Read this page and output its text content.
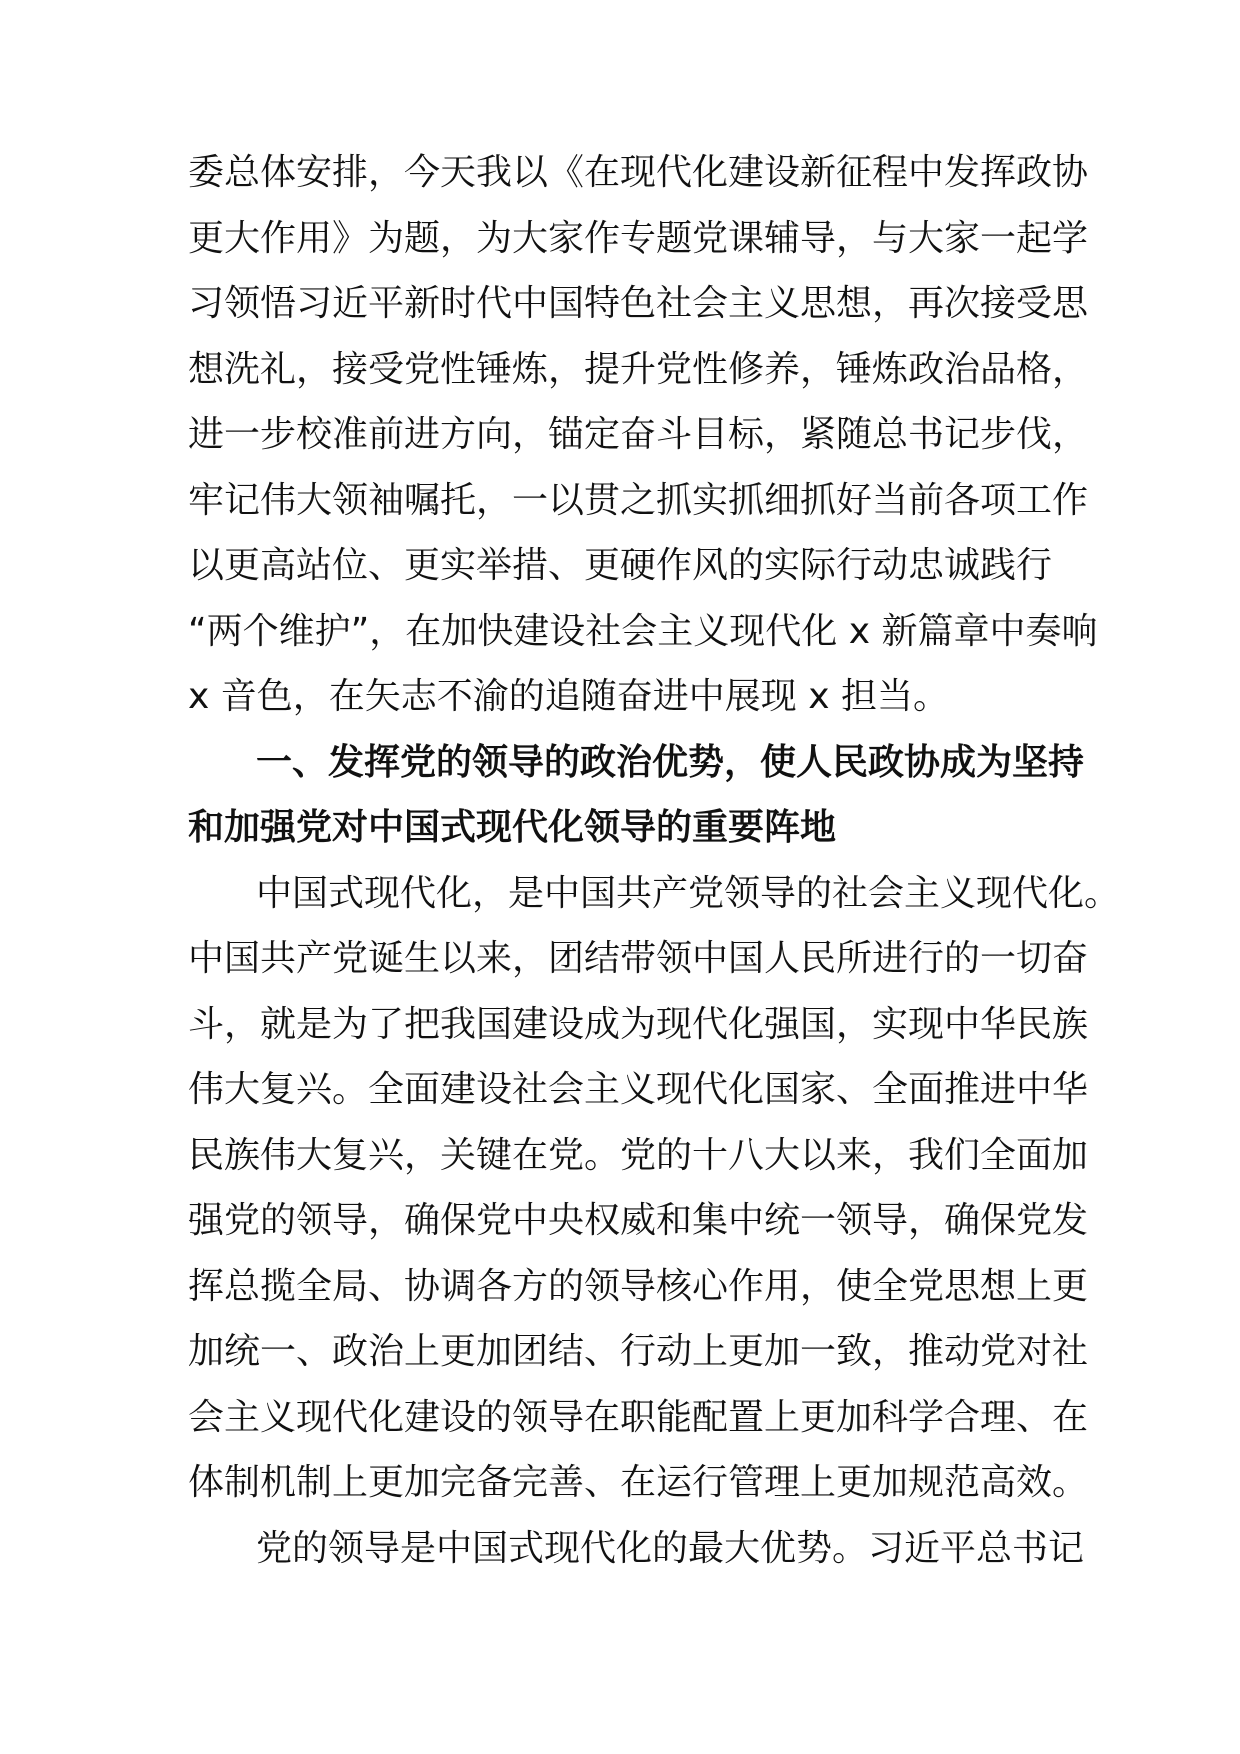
委总体安排，今天我以《在现代化建设新征程中发挥政协
更大作用》为题，为大家作专题党课辅导，与大家一起学
习领悟习近平新时代中国特色社会主义思想，再次接受思
想洗礼，接受党性锤炼，提升党性修养，锤炼政治品格，
进一步校准前进方向，锚定奋斗目标，紧随总书记步伐，
牢记伟大领袖嘱托，一以贯之抓实抓细抓好当前各项工作
以更高站位、更实举措、更硬作风的实际行动忠诚践行
“两个维护”，在加快建设社会主义现代化 x 新篇章中奏响
x 音色，在矢志不渝的追随奋进中展现 x 担当。
一、发挥党的领导的政治优势，使人民政协成为坚持
和加强党对中国式现代化领导的重要阵地
中国式现代化，是中国共产党领导的社会主义现代化。
中国共产党诞生以来，团结带领中国人民所进行的一切奋
斗，就是为了把我国建设成为现代化强国，实现中华民族
伟大复兴。全面建设社会主义现代化国家、全面推进中华
民族伟大复兴，关键在党。党的十八大以来，我们全面加
强党的领导，确保党中央权威和集中统一领导，确保党发
挥总揽全局、协调各方的领导核心作用，使全党思想上更
加统一、政治上更加团结、行动上更加一致，推动党对社
会主义现代化建设的领导在职能配置上更加科学合理、在
体制机制上更加完备完善、在运行管理上更加规范高效。
党的领导是中国式现代化的最大优势。习近平总书记
